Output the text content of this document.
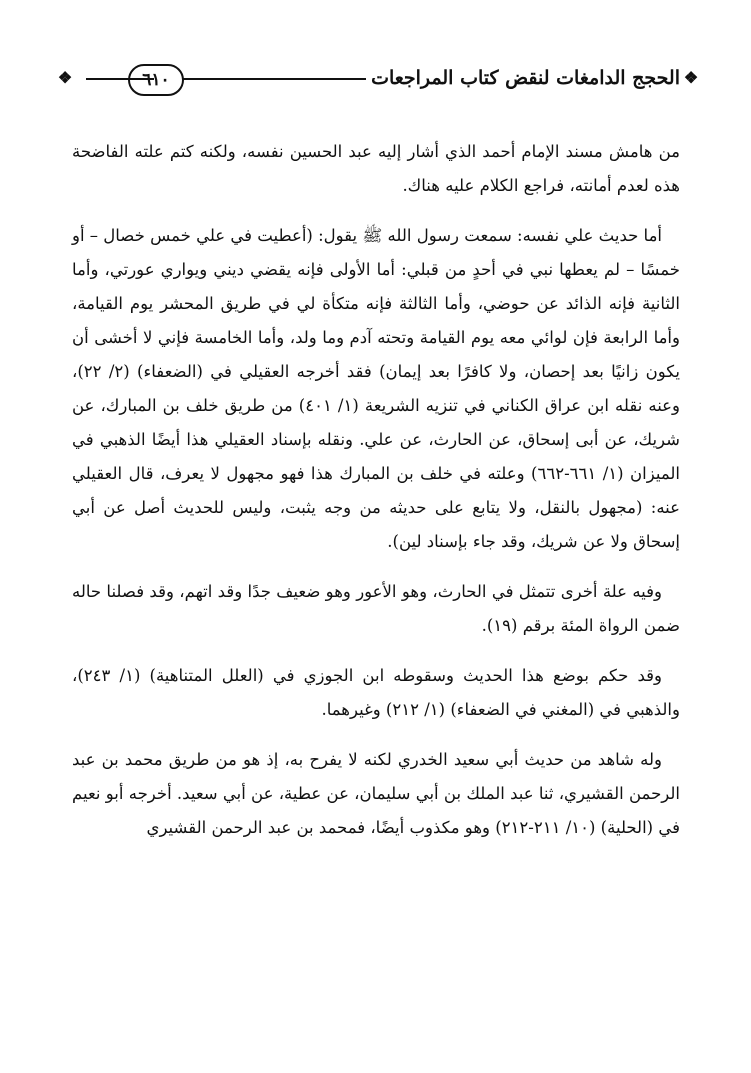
❖
الحجج الدامغات لنقض كتاب المراجعات
٦١٠
❖

من هامش مسند الإمام أحمد الذي أشار إليه عبد الحسين نفسه، ولكنه كتم علته الفاضحة هذه لعدم أمانته، فراجع الكلام عليه هناك.

أما حديث علي نفسه: سمعت رسول الله ﷺ يقول: (أعطيت في علي خمس خصال – أو خمسًا – لم يعطها نبي في أحدٍ من قبلي: أما الأولى فإنه يقضي ديني ويواري عورتي، وأما الثانية فإنه الذائد عن حوضي، وأما الثالثة فإنه متكأة لي في طريق المحشر يوم القيامة، وأما الرابعة فإن لوائي معه يوم القيامة وتحته آدم وما ولد، وأما الخامسة فإني لا أخشى أن يكون زانيًا بعد إحصان، ولا كافرًا بعد إيمان) فقد أخرجه العقيلي في (الضعفاء) (٢/ ٢٢)، وعنه نقله ابن عراق الكناني في تنزيه الشريعة (١/ ٤٠١) من طريق خلف بن المبارك، عن شريك، عن أبى إسحاق، عن الحارث، عن علي. ونقله بإسناد العقيلي هذا أيضًا الذهبي في الميزان (١/ ٦٦١-٦٦٢) وعلته في خلف بن المبارك هذا فهو مجهول لا يعرف، قال العقيلي عنه: (مجهول بالنقل، ولا يتابع على حديثه من وجه يثبت، وليس للحديث أصل عن أبي إسحاق ولا عن شريك، وقد جاء بإسناد لين).

وفيه علة أخرى تتمثل في الحارث، وهو الأعور وهو ضعيف جدًا وقد اتهم، وقد فصلنا حاله ضمن الرواة المئة برقم (١٩).

وقد حكم بوضع هذا الحديث وسقوطه ابن الجوزي في (العلل المتناهية) (١/ ٢٤٣)، والذهبي في (المغني في الضعفاء) (١/ ٢١٢) وغيرهما.

وله شاهد من حديث أبي سعيد الخدري لكنه لا يفرح به، إذ هو من طريق محمد بن عبد الرحمن القشيري، ثنا عبد الملك بن أبي سليمان، عن عطية، عن أبي سعيد. أخرجه أبو نعيم في (الحلية) (١٠/ ٢١١-٢١٢) وهو مكذوب أيضًا، فمحمد بن عبد الرحمن القشيري
